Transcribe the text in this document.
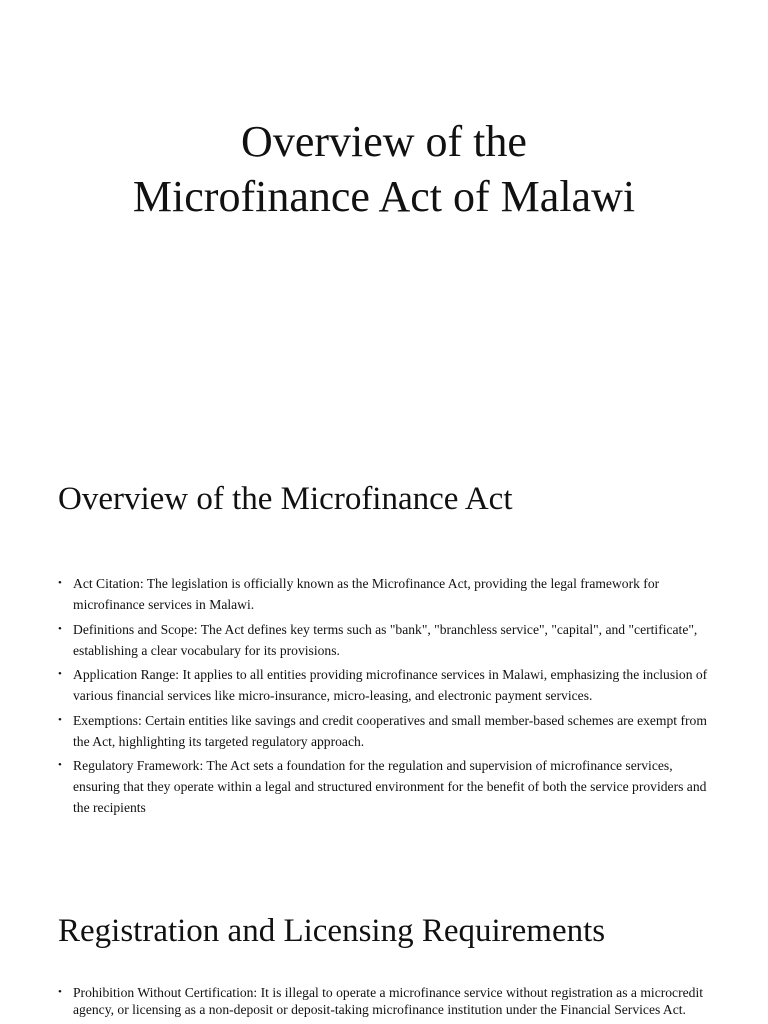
Overview of the
Microfinance Act of Malawi
Overview of the Microfinance Act
• Act Citation: The legislation is officially known as the Microfinance Act, providing the legal framework for microfinance services in Malawi.
• Definitions and Scope: The Act defines key terms such as "bank", "branchless service", "capital", and "certificate", establishing a clear vocabulary for its provisions.
• Application Range: It applies to all entities providing microfinance services in Malawi, emphasizing the inclusion of various financial services like micro-insurance, micro-leasing, and electronic payment services.
• Exemptions: Certain entities like savings and credit cooperatives and small member-based schemes are exempt from the Act, highlighting its targeted regulatory approach.
• Regulatory Framework: The Act sets a foundation for the regulation and supervision of microfinance services, ensuring that they operate within a legal and structured environment for the benefit of both the service providers and the recipients
Registration and Licensing Requirements
• Prohibition Without Certification: It is illegal to operate a microfinance service without registration as a microcredit agency, or licensing as a non-deposit or deposit-taking microfinance institution under the Financial Services Act.
